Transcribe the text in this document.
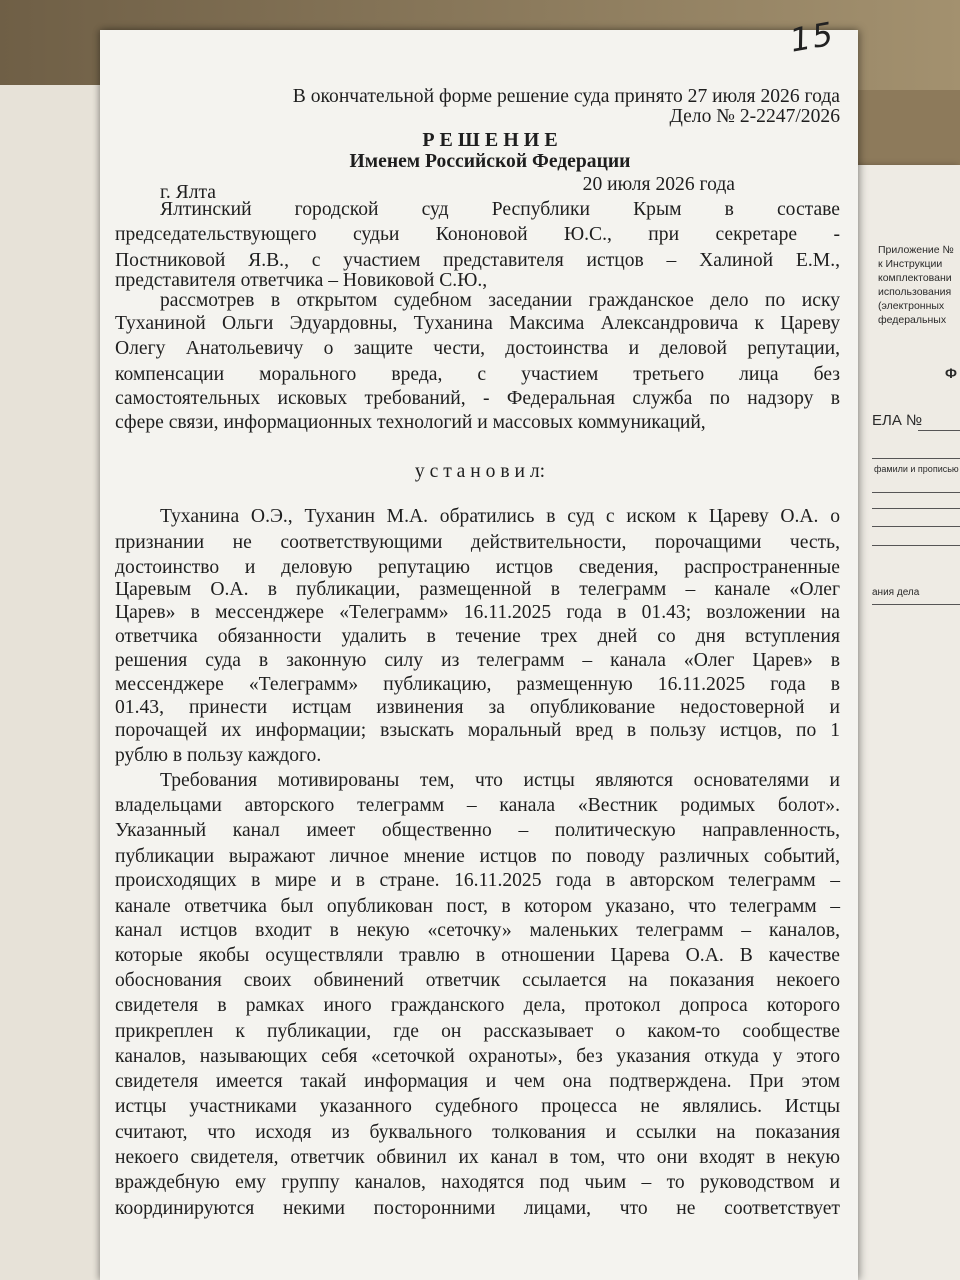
Приложение №
к Инструкции
комплектовани
использования
(электронных
федеральных
Ф
ЕЛА №
фамили и прописью
ания дела
15
В окончательной форме решение суда принято 27 июля 2026 года
Дело № 2-2247/2026
Р Е Ш Е Н И Е
Именем Российской Федерации
г. Ялта	20 июля 2026 года
Ялтинский городской суд Республики Крым в составе
председательствующего судьи Кононовой Ю.С., при секретаре -
Постниковой Я.В., с участием представителя истцов – Халиной Е.М.,
представителя ответчика – Новиковой С.Ю.,
рассмотрев в открытом судебном заседании гражданское дело по иску
Туханиной Ольги Эдуардовны, Туханина Максима Александровича к Цареву
Олегу Анатольевичу о защите чести, достоинства и деловой репутации,
компенсации морального вреда, с участием третьего лица без
самостоятельных исковых требований, - Федеральная служба по надзору в
сфере связи, информационных технологий и массовых коммуникаций,
у с т а н о в и л:
Туханина О.Э., Туханин М.А. обратились в суд с иском к Цареву О.А. о
признании не соответствующими действительности, порочащими честь,
достоинство и деловую репутацию истцов сведения, распространенные
Царевым О.А. в публикации, размещенной в телеграмм – канале «Олег
Царев» в мессенджере «Телеграмм» 16.11.2025 года в 01.43; возложении на
ответчика обязанности удалить в течение трех дней со дня вступления
решения суда в законную силу из телеграмм – канала «Олег Царев» в
мессенджере «Телеграмм» публикацию, размещенную 16.11.2025 года в
01.43, принести истцам извинения за опубликование недостоверной и
порочащей их информации; взыскать моральный вред в пользу истцов, по 1
рублю в пользу каждого.
Требования мотивированы тем, что истцы являются основателями и
владельцами авторского телеграмм – канала «Вестник родимых болот».
Указанный канал имеет общественно – политическую направленность,
публикации выражают личное мнение истцов по поводу различных событий,
происходящих в мире и в стране. 16.11.2025 года в авторском телеграмм –
канале ответчика был опубликован пост, в котором указано, что телеграмм –
канал истцов входит в некую «сеточку» маленьких телеграмм – каналов,
которые якобы осуществляли травлю в отношении Царева О.А. В качестве
обоснования своих обвинений ответчик ссылается на показания некоего
свидетеля в рамках иного гражданского дела, протокол допроса которого
прикреплен к публикации, где он рассказывает о каком-то сообществе
каналов, называющих себя «сеточкой охраноты», без указания откуда у этого
свидетеля имеется такай информация и чем она подтверждена. При этом
истцы участниками указанного судебного процесса не являлись. Истцы
считают, что исходя из буквального толкования и ссылки на показания
некоего свидетеля, ответчик обвинил их канал в том, что они входят в некую
враждебную ему группу каналов, находятся под чьим – то руководством и
координируются некими посторонними лицами, что не соответствует
